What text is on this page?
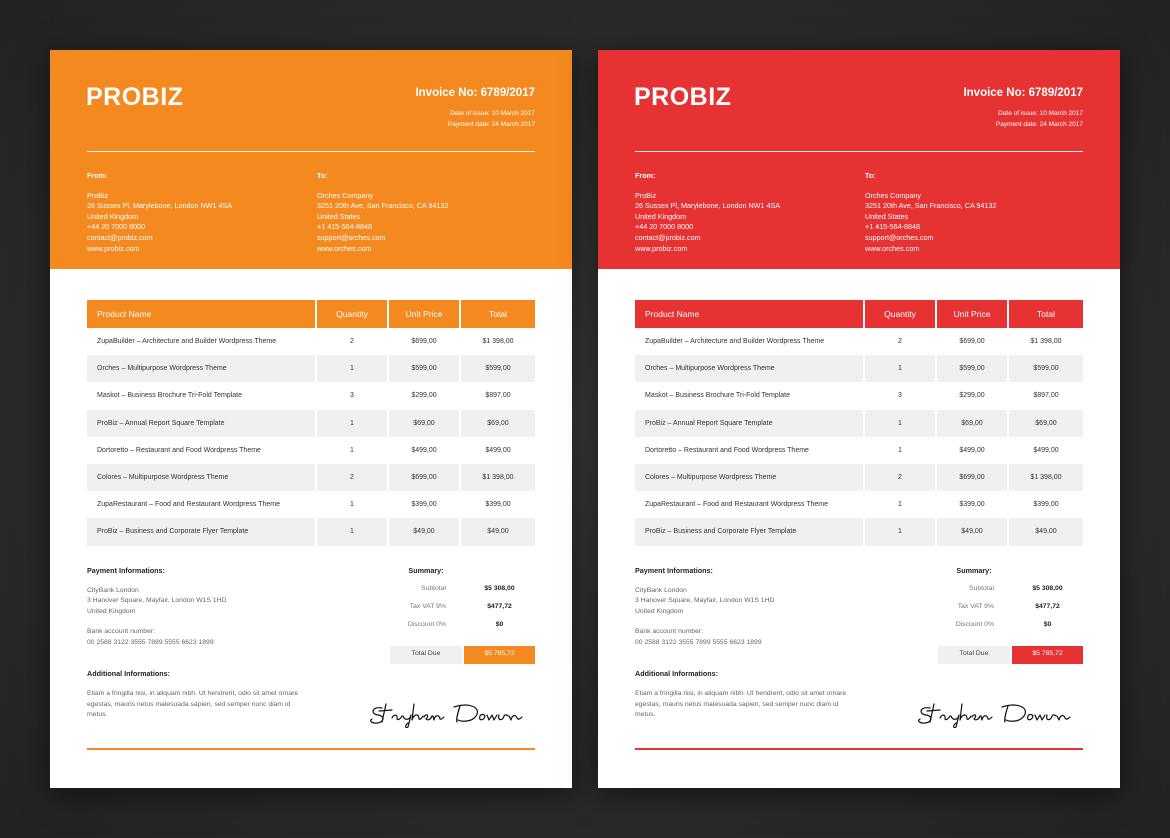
PROBIZ	Invoice No: 6789/2017
Date of issue: 10 March 2017
Payment date: 24 March 2017
From:
ProBiz
26 Sussex Pl, Marylebone, London NW1 4SA
United Kingdom
+44 20 7000 8000
contact@probiz.com
www.probiz.com
To:
Orches Company
3251 20th Ave, San Francisco, CA 94132
United States
+1 415-564-8848
support@orches.com
www.orches.com
Product Name	Quantity	Unit Price	Total
ZupaBuilder – Architecture and Builder Wordpress Theme	2	$699,00	$1 398,00
Orches – Multipurpose Wordpress Theme	1	$599,00	$599,00
Maskot – Business Brochure Tri-Fold Template	3	$299,00	$897,00
ProBiz – Annual Report Square Template	1	$69,00	$69,00
Dortoretto – Restaurant and Food Wordpress Theme	1	$499,00	$499,00
Colores – Multipurpose Wordpress Theme	2	$699,00	$1 398,00
ZupaRestaurant – Food and Restaurant Wordpress Theme	1	$399,00	$399,00
ProBiz – Business and Corporate Flyer Template	1	$49,00	$49,00
Payment Informations:
CityBank London
3 Hanover Square, Mayfair, London W1S 1HD
United Kingdom
Bank account number:
00 2588 3122 3555 7899 5555 6623 1899
Additional Informations:
Etiam a fringilla nisi, in aliquam nibh. Ut hendrerit, odio sit amet ornare egestas, mauris netus malesuada sapien, sed semper nunc diam id metus.
Summary:
Subtotal	$5 308,00
Tax VAT 9%	$477,72
Discount 0%	$0
Total Due	$5 785,72
PROBIZ	Invoice No: 6789/2017
Date of issue: 10 March 2017
Payment date: 24 March 2017
From:
ProBiz
26 Sussex Pl, Marylebone, London NW1 4SA
United Kingdom
+44 20 7000 8000
contact@probiz.com
www.probiz.com
To:
Orches Company
3251 20th Ave, San Francisco, CA 94132
United States
+1 415-564-8848
support@orches.com
www.orches.com
Product Name	Quantity	Unit Price	Total
ZupaBuilder – Architecture and Builder Wordpress Theme	2	$699,00	$1 398,00
Orches – Multipurpose Wordpress Theme	1	$599,00	$599,00
Maskot – Business Brochure Tri-Fold Template	3	$299,00	$897,00
ProBiz – Annual Report Square Template	1	$69,00	$69,00
Dortoretto – Restaurant and Food Wordpress Theme	1	$499,00	$499,00
Colores – Multipurpose Wordpress Theme	2	$699,00	$1 398,00
ZupaRestaurant – Food and Restaurant Wordpress Theme	1	$399,00	$399,00
ProBiz – Business and Corporate Flyer Template	1	$49,00	$49,00
Payment Informations:
CityBank London
3 Hanover Square, Mayfair, London W1S 1HD
United Kingdom
Bank account number:
00 2588 3122 3555 7899 5555 6623 1899
Additional Informations:
Etiam a fringilla nisi, in aliquam nibh. Ut hendrerit, odio sit amet ornare egestas, mauris netus malesuada sapien, sed semper nunc diam id metus.
Summary:
Subtotal	$5 308,00
Tax VAT 9%	$477,72
Discount 0%	$0
Total Due	$5 785,72
